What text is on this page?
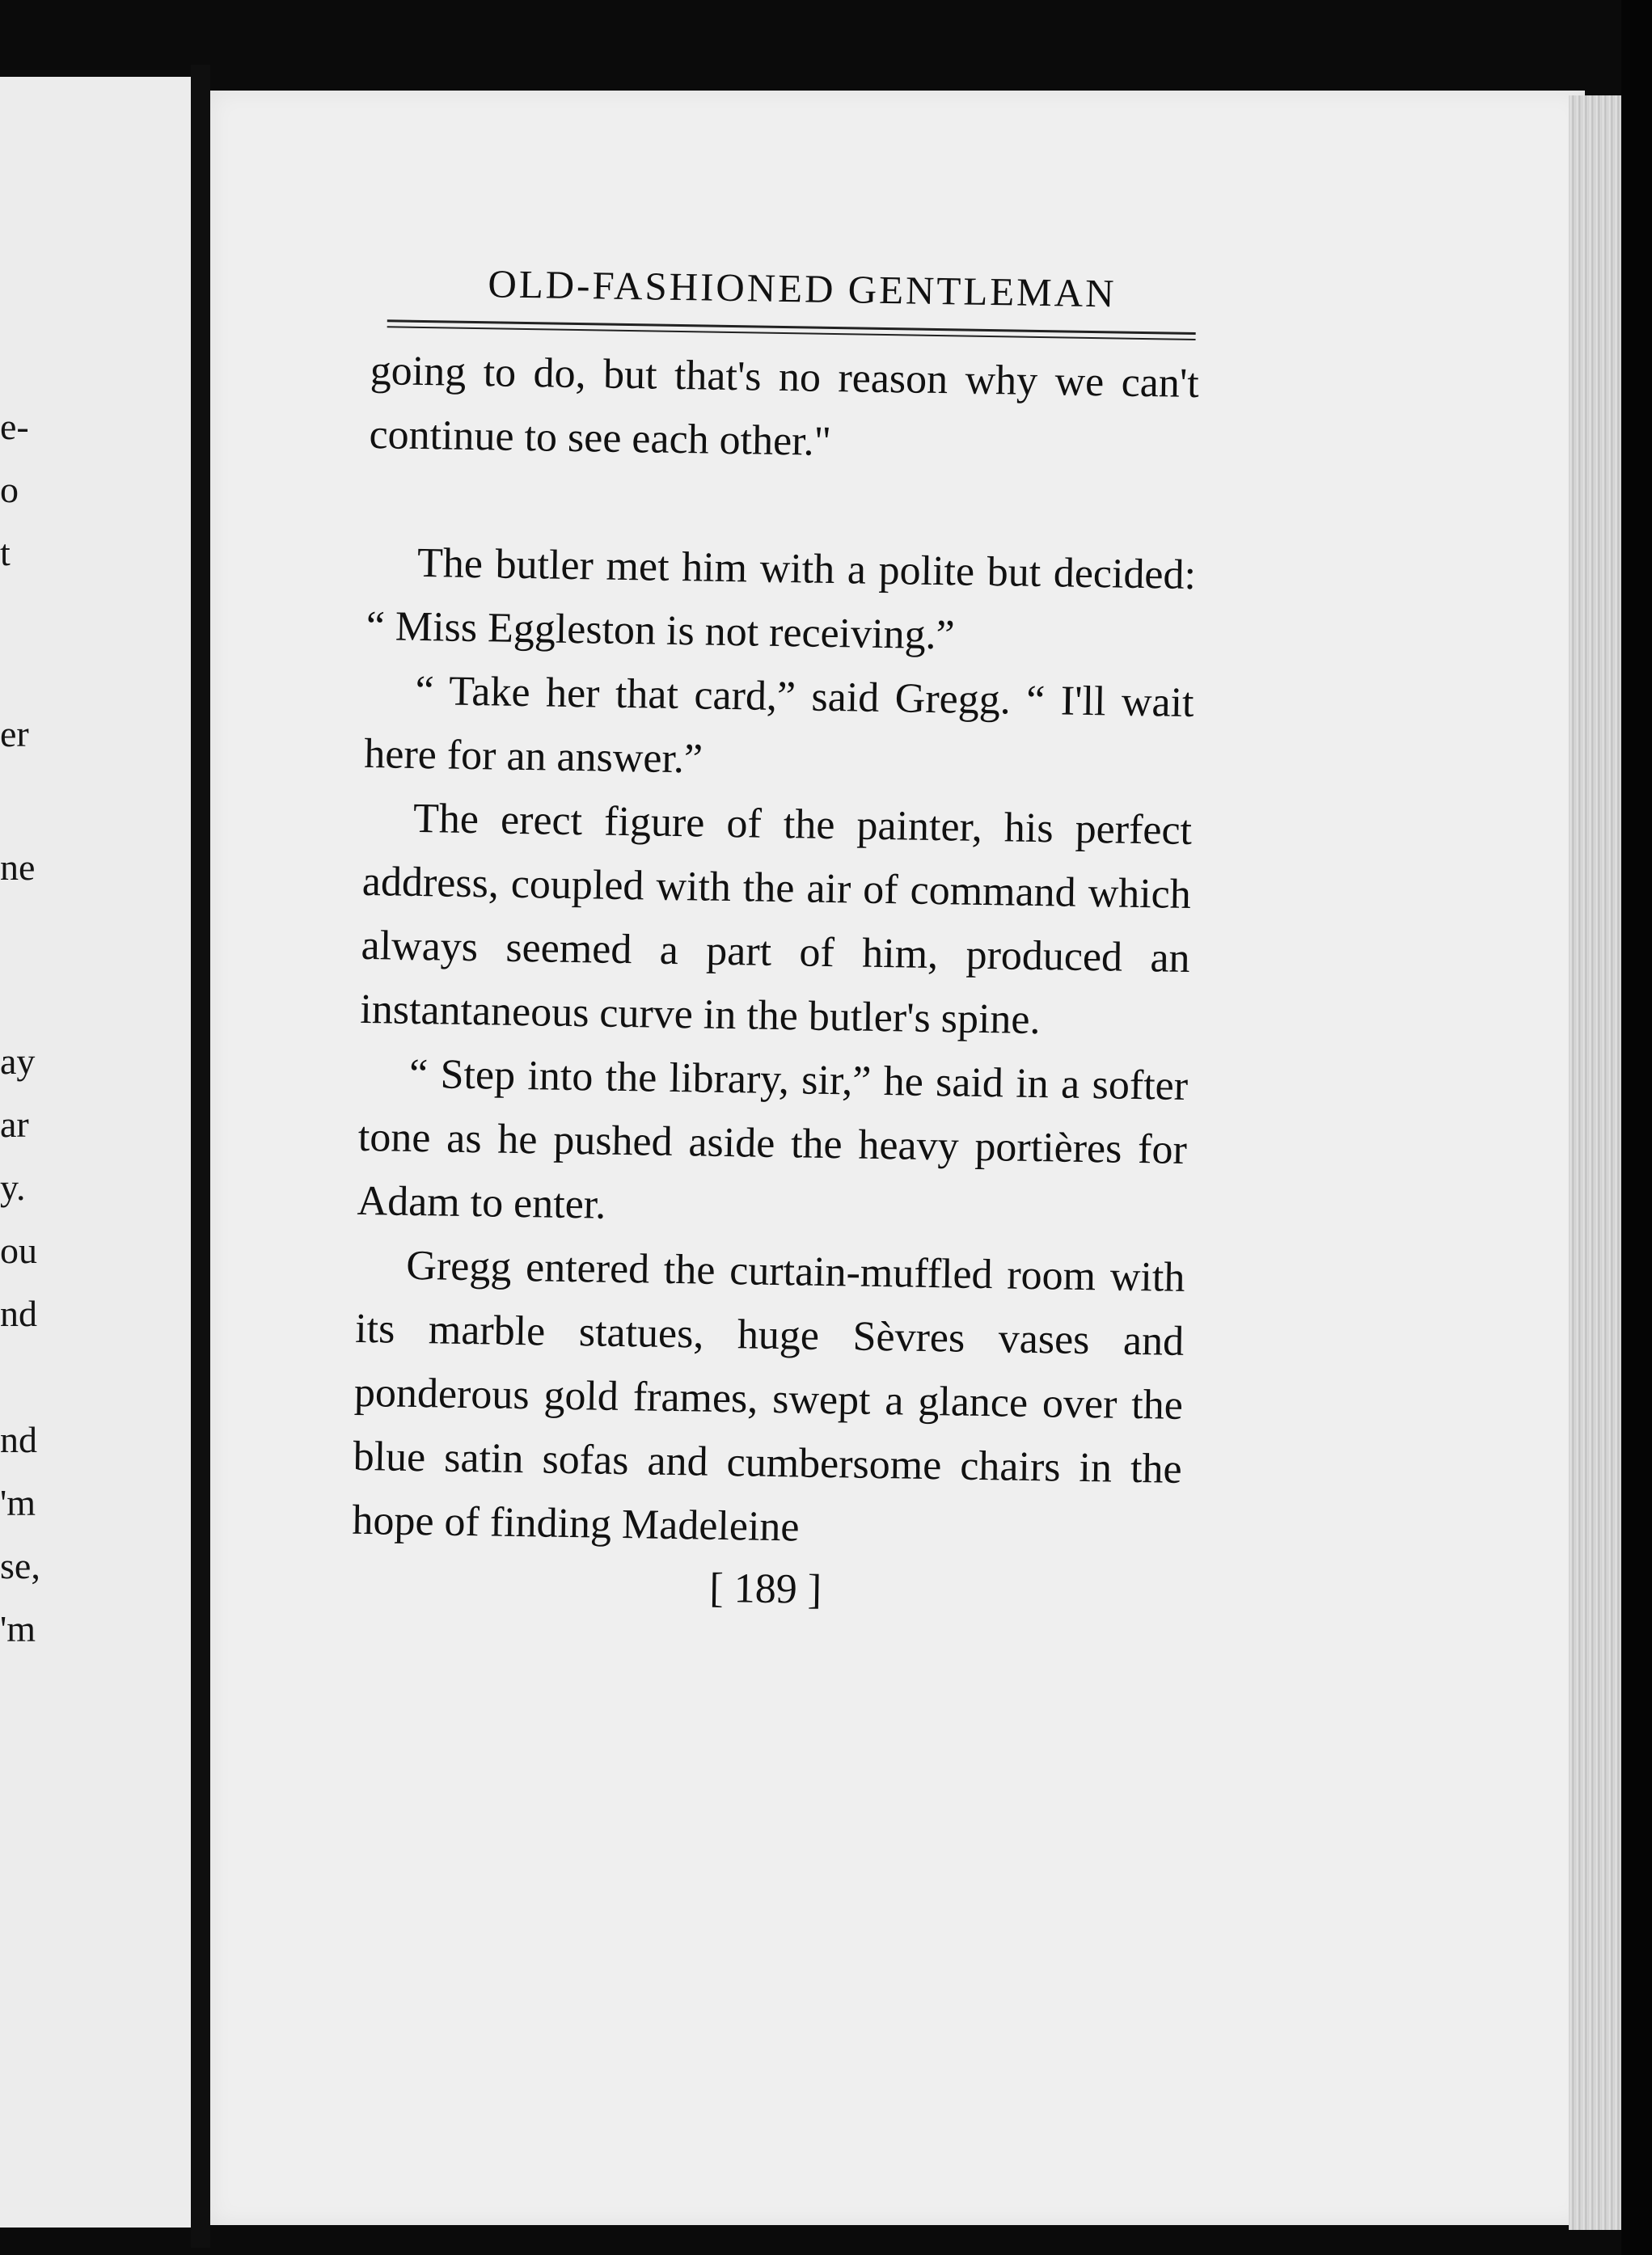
e-
o
t
er
ne
ay
ar
y.
ou
nd
nd
'm
se,
'm
OLD-FASHIONED GENTLEMAN

going to do, but that's no reason why we can't continue to see each other."

The butler met him with a polite but decided: “ Miss Eggleston is not receiving.”

“ Take her that card,” said Gregg. “ I'll wait here for an answer.”

The erect figure of the painter, his perfect address, coupled with the air of command which always seemed a part of him, produced an instantaneous curve in the butler's spine.

“ Step into the library, sir,” he said in a softer tone as he pushed aside the heavy portières for Adam to enter.

Gregg entered the curtain-muffled room with its marble statues, huge Sèvres vases and ponderous gold frames, swept a glance over the blue satin sofas and cumbersome chairs in the hope of finding Madeleine

[ 189 ]
